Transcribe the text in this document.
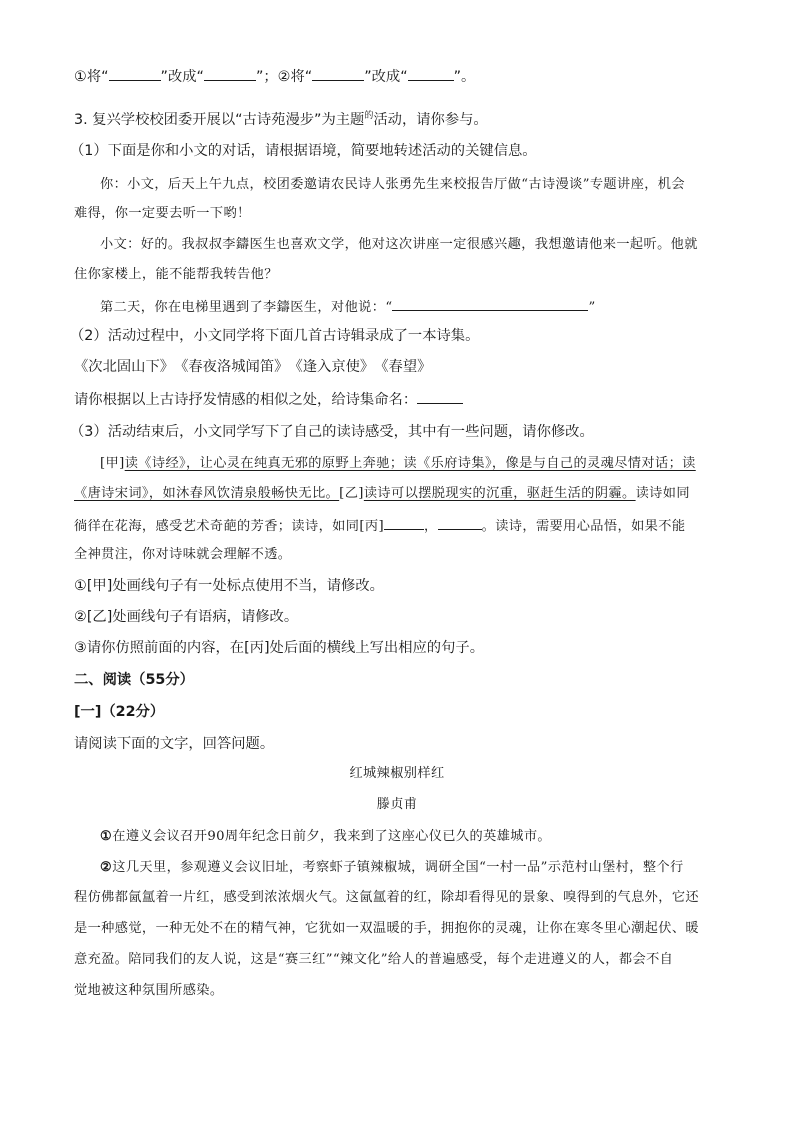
①将“	”改成“	”；②将“	”改成“	”。
3. 复兴学校校团委开展以“古诗苑漫步”为主题$^的$活动，请你参与。
（1）下面是你和小文的对话，请根据语境，简要地转述活动的关键信息。
你：小文，后天上午九点，校团委邀请农民诗人张勇先生来校报告厅做“古诗漫谈”专题讲座，机会
难得，你一定要去听一下哟！
小文：好的。我叔叔李鑄医生也喜欢文学，他对这次讲座一定很感兴趣，我想邀请他来一起听。他就
住你家楼上，能不能帮我转告他？
第二天，你在电梯里遇到了李鑄医生，对他说：“	”
（2）活动过程中，小文同学将下面几首古诗辑录成了一本诗集。
《次北固山下》　《春夜洛城闻笛》　《逢入京使》　《春望》
请你根据以上古诗抒发情感的相似之处，给诗集命名：
（3）活动结束后，小文同学写下了自己的读诗感受，其中有一些问题，请你修改。
[甲]读《诗经》，让心灵在纯真无邪的原野上奔驰；读《乐府诗集》，像是与自己的灵魂尽情对话；读
《唐诗宋词》，如沐春风饮清泉般畅快无比。[乙]读诗可以摆脱现实的沉重，驱赶生活的阴霾。读诗如同
徜徉在花海，感受艺术奇葩的芳香；读诗，如同[丙]	，	。读诗，需要用心品悟，如果不能
全神贯注，你对诗味就会理解不透。
①[甲]处画线句子有一处标点使用不当，请修改。
②[乙]处画线句子有语病，请修改。
③请你仿照前面的内容，在[丙]处后面的横线上写出相应的句子。
二、阅读（55分）
[一]（22分）
请阅读下面的文字，回答问题。
红城辣椒别样红
滕贞甫
①在遵义会议召开90周年纪念日前夕，我来到了这座心仪已久的英雄城市。
②这几天里，参观遵义会议旧址，考察虾子镇辣椒城，调研全国“一村一品”示范村山堡村，整个行
程仿佛都氤氲着一片红，感受到浓浓烟火气。这氤氲着的红，除却看得见的景象、嗅得到的气息外，它还
是一种感觉，一种无处不在的精气神，它犹如一双温暖的手，拥抱你的灵魂，让你在寒冬里心潮起伏、暖
意充盈。陪同我们的友人说，这是“赛三红”“辣文化”给人的普遍感受，每个走进遵义的人，都会不自
觉地被这种氛围所感染。
